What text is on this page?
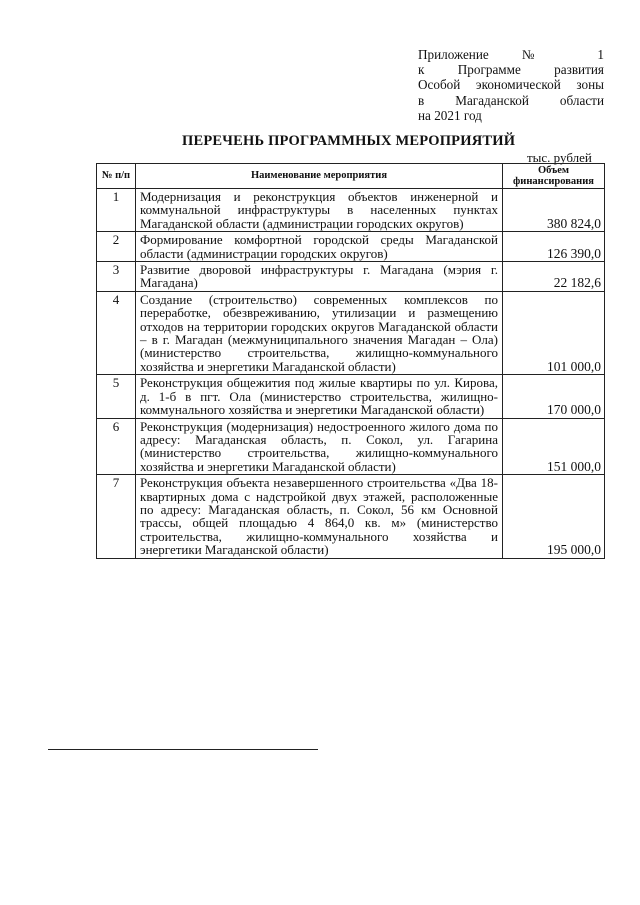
Приложение № 1
к Программе развития
Особой экономической зоны
в Магаданской области
на 2021 год
ПЕРЕЧЕНЬ ПРОГРАММНЫХ МЕРОПРИЯТИЙ
тыс. рублей
№ п/п	Наименование мероприятия	Объем финансирования
1	Модернизация и реконструкция объектов инженерной и коммунальной инфраструктуры в населенных пунктах Магаданской области (администрации городских округов)	380 824,0
2	Формирование комфортной городской среды Магаданской области (администрации городских округов)	126 390,0
3	Развитие дворовой инфраструктуры г. Магадана (мэрия г. Магадана)	22 182,6
4	Создание (строительство) современных комплексов по переработке, обезвреживанию, утилизации и размещению отходов на территории городских округов Магаданской области – в г. Магадан (межмуниципального значения Магадан – Ола) (министерство строительства, жилищно-коммунального хозяйства и энергетики Магаданской области)	101 000,0
5	Реконструкция общежития под жилые квартиры по ул. Кирова, д. 1-б в пгт. Ола (министерство строительства, жилищно-коммунального хозяйства и энергетики Магаданской области)	170 000,0
6	Реконструкция (модернизация) недостроенного жилого дома по адресу: Магаданская область, п. Сокол, ул. Гагарина (министерство строительства, жилищно-коммунального хозяйства и энергетики Магаданской области)	151 000,0
7	Реконструкция объекта незавершенного строительства «Два 18-квартирных дома с надстройкой двух этажей, расположенные по адресу: Магаданская область, п. Сокол, 56 км Основной трассы, общей площадью 4 864,0 кв. м» (министерство строительства, жилищно-коммунального хозяйства и энергетики Магаданской области)	195 000,0
